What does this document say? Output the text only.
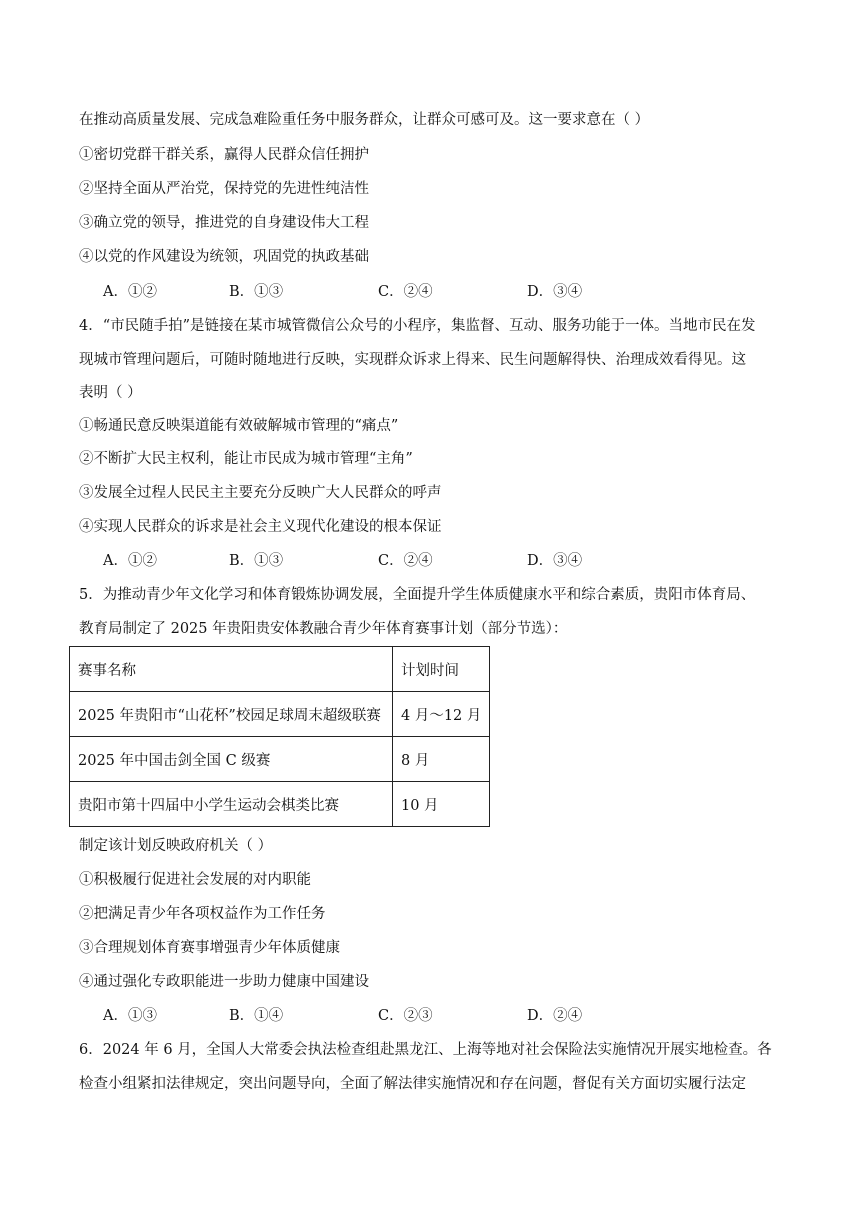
在推动高质量发展、完成急难险重任务中服务群众，让群众可感可及。这一要求意在（ ）
①密切党群干群关系，赢得人民群众信任拥护
②坚持全面从严治党，保持党的先进性纯洁性
③确立党的领导，推进党的自身建设伟大工程
④以党的作风建设为统领，巩固党的执政基础
A．①②	B．①③	C．②④	D．③④
4．“市民随手拍”是链接在某市城管微信公众号的小程序，集监督、互动、服务功能于一体。当地市民在发
现城市管理问题后，可随时随地进行反映，实现群众诉求上得来、民生问题解得快、治理成效看得见。这
表明（ ）
①畅通民意反映渠道能有效破解城市管理的“痛点”
②不断扩大民主权利，能让市民成为城市管理“主角”
③发展全过程人民民主主要充分反映广大人民群众的呼声
④实现人民群众的诉求是社会主义现代化建设的根本保证
A．①②	B．①③	C．②④	D．③④
5．为推动青少年文化学习和体育锻炼协调发展，全面提升学生体质健康水平和综合素质，贵阳市体育局、
教育局制定了 2025 年贵阳贵安体教融合青少年体育赛事计划（部分节选）：
赛事名称	计划时间
2025 年贵阳市“山花杯”校园足球周末超级联赛	4 月～12 月
2025 年中国击剑全国 C 级赛	8 月
贵阳市第十四届中小学生运动会棋类比赛	10 月
制定该计划反映政府机关（ ）
①积极履行促进社会发展的对内职能
②把满足青少年各项权益作为工作任务
③合理规划体育赛事增强青少年体质健康
④通过强化专政职能进一步助力健康中国建设
A．①③	B．①④	C．②③	D．②④
6．2024 年 6 月，全国人大常委会执法检查组赴黑龙江、上海等地对社会保险法实施情况开展实地检查。各
检查小组紧扣法律规定，突出问题导向，全面了解法律实施情况和存在问题，督促有关方面切实履行法定
